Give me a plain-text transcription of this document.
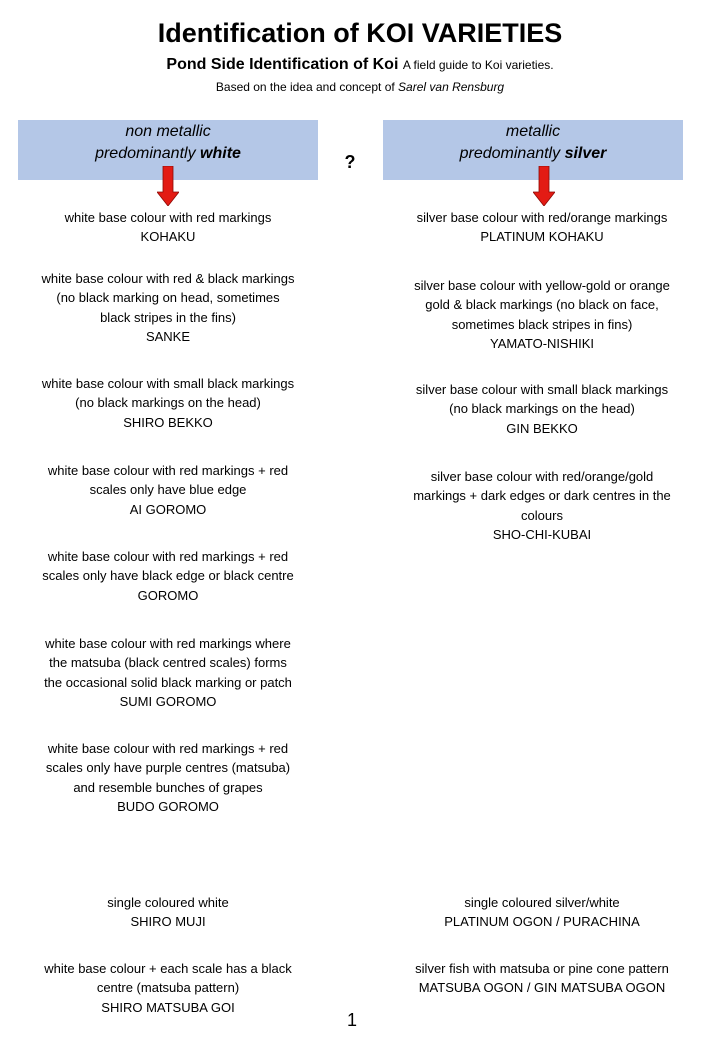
Identification of KOI VARIETIES
Pond Side Identification of Koi A field guide to Koi varieties.
Based on the idea and concept of Sarel van Rensburg
non metallic
predominantly white	?
metallic
predominantly silver
white base colour with red markings
KOHAKU
white base colour with red & black markings
(no black marking on head, sometimes
black stripes in the fins)
SANKE
white base colour with small black markings
(no black markings on the head)
SHIRO BEKKO
white base colour with red markings + red
scales only have blue edge
AI GOROMO
white base colour with red markings + red
scales only have black edge or black centre
GOROMO
white base colour with red markings where
the matsuba (black centred scales) forms
the occasional solid black marking or patch
SUMI GOROMO
white base colour with red markings + red
scales only have purple centres (matsuba)
and resemble bunches of grapes
BUDO GOROMO
single coloured white
SHIRO MUJI
white base colour + each scale has a black
centre (matsuba pattern)
SHIRO MATSUBA GOI
silver base colour with red/orange markings
PLATINUM KOHAKU
silver base colour with yellow-gold or orange
gold & black markings (no black on face,
sometimes black stripes in fins)
YAMATO-NISHIKI
silver base colour with small black markings
(no black markings on the head)
GIN BEKKO
silver base colour with red/orange/gold
markings + dark edges or dark centres in the
colours
SHO-CHI-KUBAI
single coloured silver/white
PLATINUM OGON / PURACHINA
silver fish with matsuba or pine cone pattern
MATSUBA OGON / GIN MATSUBA OGON
1
